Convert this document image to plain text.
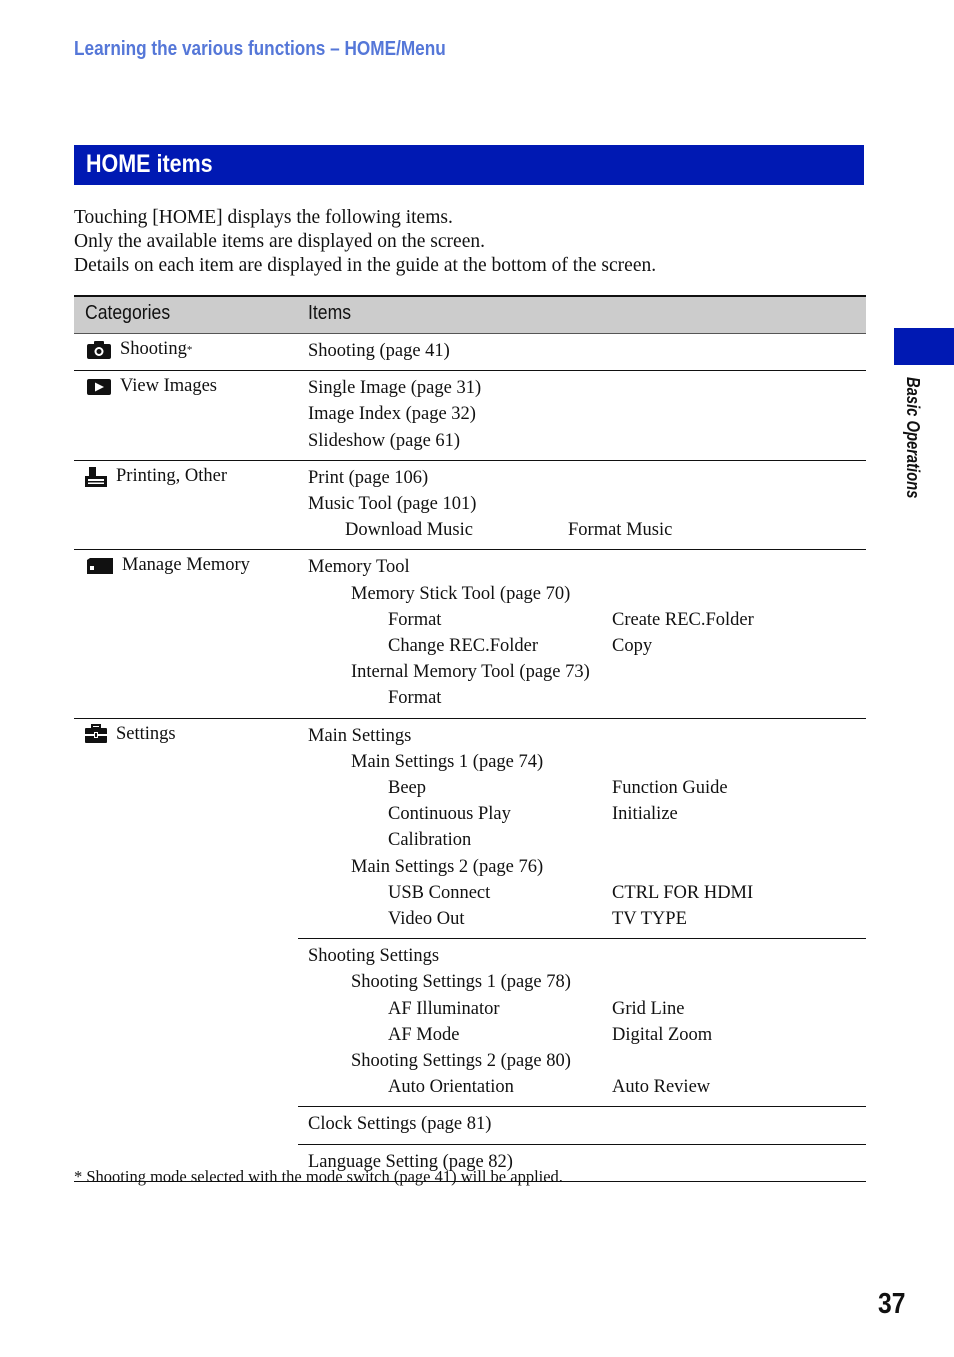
Learning the various functions – HOME/Menu
HOME items
Touching [HOME] displays the following items.
Only the available items are displayed on the screen.
Details on each item are displayed in the guide at the bottom of the screen.
Categories	Items
Shooting *	Shooting (page 41)
View Images	Single Image (page 31)
Image Index (page 32)
Slideshow (page 61)
Printing, Other	Print (page 106)
Music Tool (page 101)
Download Music	Format Music
Manage Memory	Memory Tool
Memory Stick Tool (page 70)
Format	Create REC.Folder
Change REC.Folder	Copy
Internal Memory Tool (page 73)
Format
Settings	Main Settings
Main Settings 1 (page 74)
Beep	Function Guide
Continuous Play	Initialize
Calibration
Main Settings 2 (page 76)
USB Connect	CTRL FOR HDMI
Video Out	TV TYPE
Shooting Settings
Shooting Settings 1 (page 78)
AF Illuminator	Grid Line
AF Mode	Digital Zoom
Shooting Settings 2 (page 80)
Auto Orientation	Auto Review
Clock Settings (page 81)
Language Setting (page 82)
* Shooting mode selected with the mode switch (page 41) will be applied.
Basic Operations
37
